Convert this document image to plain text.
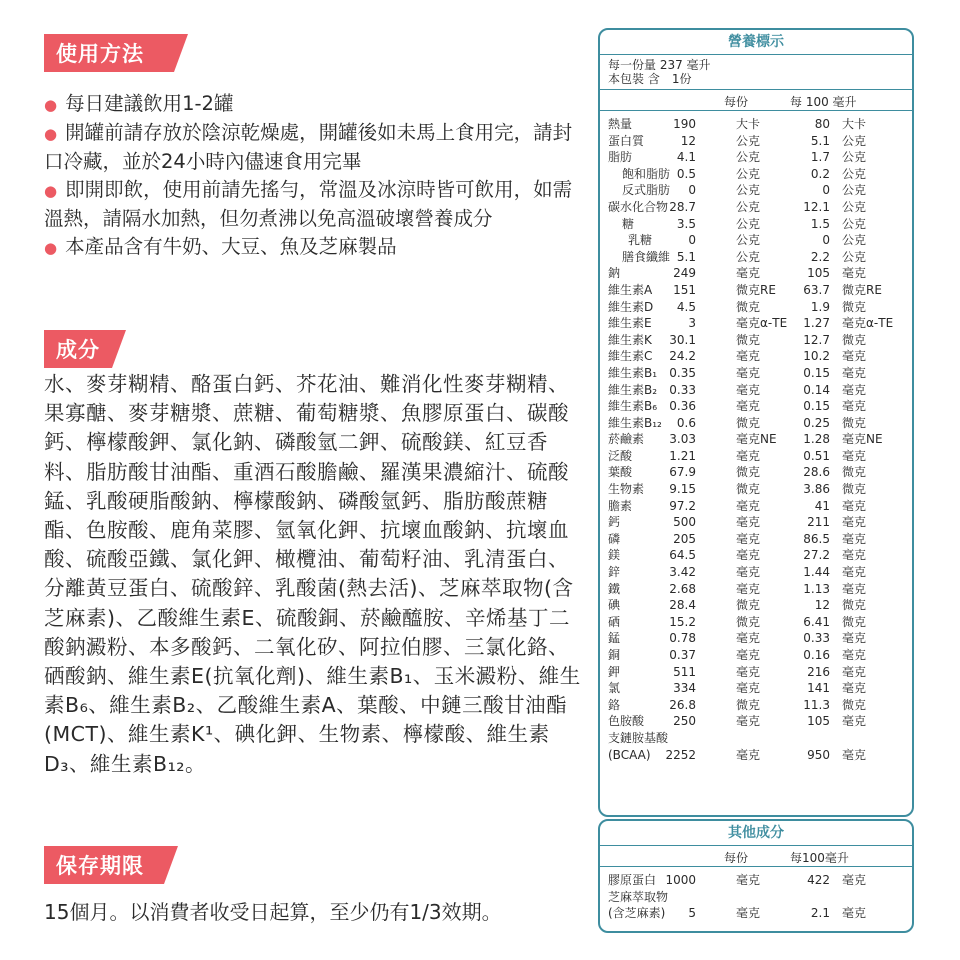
使用方法
● 每日建議飲用1-2罐
● 開罐前請存放於陰涼乾燥處，開罐後如未馬上食用完，請封口冷藏，並於24小時內儘速食用完畢
● 即開即飲，使用前請先搖勻，常溫及冰涼時皆可飲用，如需溫熱，請隔水加熱，但勿煮沸以免高溫破壞營養成分
● 本產品含有牛奶、大豆、魚及芝麻製品
成分
水、麥芽糊精、酪蛋白鈣、芥花油、難消化性麥芽糊精、果寡醣、麥芽糖漿、蔗糖、葡萄糖漿、魚膠原蛋白、碳酸鈣、檸檬酸鉀、氯化鈉、磷酸氫二鉀、硫酸鎂、紅豆香料、脂肪酸甘油酯、重酒石酸膽鹼、羅漢果濃縮汁、硫酸錳、乳酸硬脂酸鈉、檸檬酸鈉、磷酸氫鈣、脂肪酸蔗糖酯、色胺酸、鹿角菜膠、氫氧化鉀、抗壞血酸鈉、抗壞血酸、硫酸亞鐵、氯化鉀、橄欖油、葡萄籽油、乳清蛋白、分離黃豆蛋白、硫酸鋅、乳酸菌(熱去活)、芝麻萃取物(含芝麻素)、乙酸維生素E、硫酸銅、菸鹼醯胺、辛烯基丁二酸鈉澱粉、本多酸鈣、二氧化矽、阿拉伯膠、三氯化鉻、硒酸鈉、維生素E(抗氧化劑)、維生素B₁、玉米澱粉、維生素B₆、維生素B₂、乙酸維生素A、葉酸、中鏈三酸甘油酯(MCT)、維生素K¹、碘化鉀、生物素、檸檬酸、維生素D₃、維生素B₁₂。
保存期限
15個月。以消費者收受日起算，至少仍有1/3效期。
營養標示
每一份量 237 毫升
本包裝 含　1份
每份	每 100 毫升
熱量	190	大卡	80 大卡
蛋白質	12	公克	5.1 公克
脂肪	4.1	公克	1.7 公克
飽和脂肪 0.5	公克	0.2 公克
反式脂肪 0	公克	0 公克
碳水化合物 28.7	公克	12.1 公克
糖	3.5	公克	1.5 公克
乳糖	0	公克	0 公克
膳食纖維 5.1	公克	2.2 公克
鈉	249	毫克	105 毫克
維生素A 151	微克RE 63.7 微克RE
維生素D 4.5	微克	1.9 微克
維生素E	3	毫克α-TE 1.27 毫克α-TE
維生素K 30.1	微克	12.7 微克
維生素C 24.2	毫克	10.2 毫克
維生素B₁ 0.35	毫克	0.15 毫克
維生素B₂ 0.33	毫克	0.14 毫克
維生素B₆ 0.36	毫克	0.15 毫克
維生素B₁₂ 0.6	微克	0.25 微克
菸鹼素 3.03	毫克NE 1.28 毫克NE
泛酸	1.21	毫克	0.51 毫克
葉酸	67.9	微克	28.6 微克
生物素 9.15	微克	3.86 微克
膽素	97.2	毫克	41 毫克
鈣	500	毫克	211 毫克
磷	205	毫克	86.5 毫克
鎂	64.5	毫克	27.2 毫克
鋅	3.42	毫克	1.44 毫克
鐵	2.68	毫克	1.13 毫克
碘	28.4	微克	12 微克
硒	15.2	微克	6.41 微克
錳	0.78	毫克	0.33 毫克
銅	0.37	毫克	0.16 毫克
鉀	511	毫克	216 毫克
氯	334	毫克	141 毫克
鉻	26.8	微克	11.3 微克
色胺酸 250	毫克	105 毫克
支鏈胺基酸
(BCAA) 2252	毫克	950 毫克
其他成分
每份	每100毫升
膠原蛋白 1000	毫克	422 毫克
芝麻萃取物
(含芝麻素) 5	毫克	2.1 毫克
